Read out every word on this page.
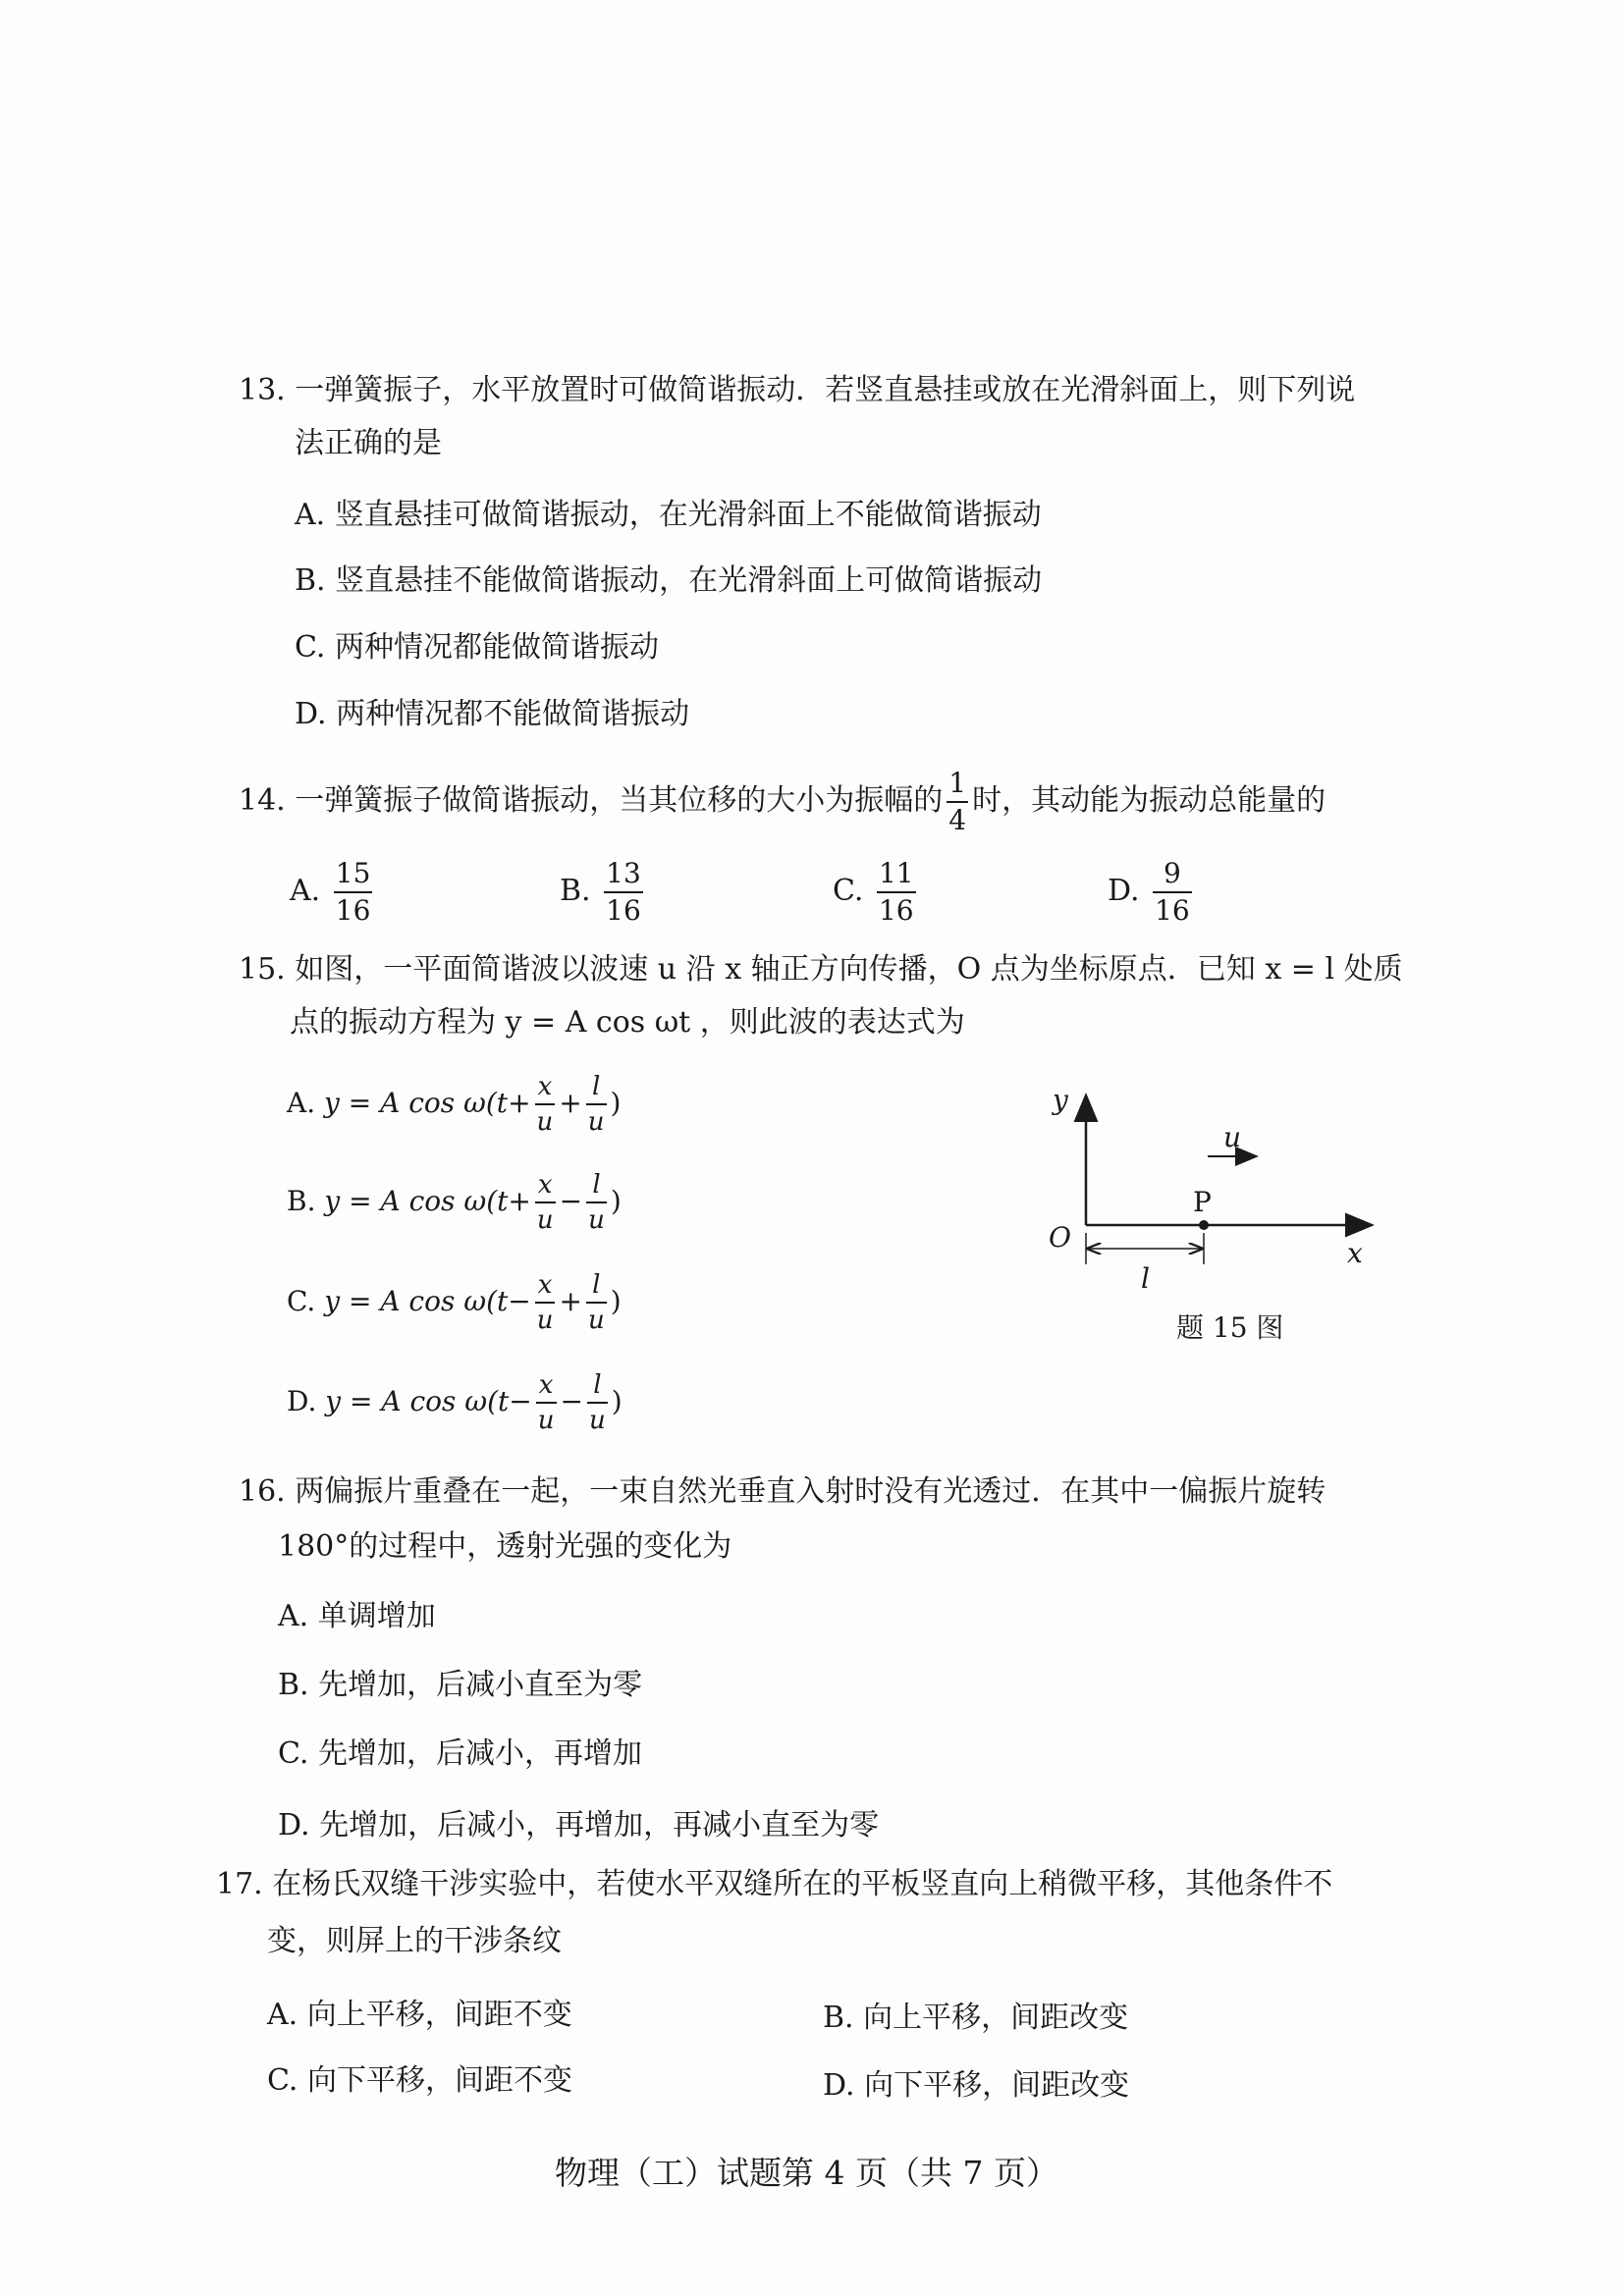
13. 一弹簧振子，水平放置时可做简谐振动．若竖直悬挂或放在光滑斜面上，则下列说
法正确的是
A. 竖直悬挂可做简谐振动，在光滑斜面上不能做简谐振动
B. 竖直悬挂不能做简谐振动，在光滑斜面上可做简谐振动
C. 两种情况都能做简谐振动
D. 两种情况都不能做简谐振动
14. 一弹簧振子做简谐振动，当其位移的大小为振幅的 $\frac{1}{4}$ 时，其动能为振动总能量的
A. $\frac{15}{16}$	B. $\frac{13}{16}$	C. $\frac{11}{16}$	D. $\frac{9}{16}$
15. 如图，一平面简谐波以波速 u 沿 x 轴正方向传播，O 点为坐标原点．已知 x = l 处质
点的振动方程为 y = A cos ωt ，则此波的表达式为
A. y = A $\cos \omega(t+ \frac{x}{u} + \frac{l}{u}$ )
B. y = A $\cos \omega(t+ \frac{x}{u} - \frac{l}{u}$ )
C. y = A $\cos \omega(t- \frac{x}{u} + \frac{l}{u}$ )
D. y = A $\cos \omega(t- \frac{x}{u} - \frac{l}{u}$ )
y
x
O
P
u
l
题 15 图
16. 两偏振片重叠在一起，一束自然光垂直入射时没有光透过．在其中一偏振片旋转
180°的过程中，透射光强的变化为
A. 单调增加
B. 先增加，后减小直至为零
C. 先增加，后减小，再增加
D. 先增加，后减小，再增加，再减小直至为零
17. 在杨氏双缝干涉实验中，若使水平双缝所在的平板竖直向上稍微平移，其他条件不
变，则屏上的干涉条纹
A. 向上平移，间距不变	B. 向上平移，间距改变
C. 向下平移，间距不变	D. 向下平移，间距改变
物理（工）试题第 4 页（共 7 页）
